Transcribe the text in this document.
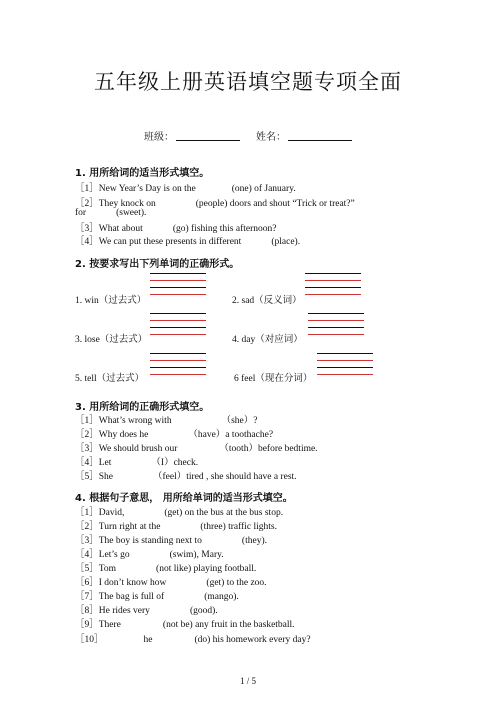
五年级上册英语填空题专项全面
班级：	姓名：
1. 用所给词的适当形式填空。
［1］New Year’s Day is on the	(one) of January.
［2］They knock on	(people) doors and shout “Trick or treat?”
for	(sweet).
［3］What about	(go) fishing this afternoon?
［4］We can put these presents in different	(place).
2. 按要求写出下列单词的正确形式。
1. win（过去式）	2. sad（反义词）
3. lose（过去式）	4. day（对应词）
5. tell（过去式）	6 feel（现在分词）
3. 用所给词的正确形式填空。
［1］What’s wrong with	（she）?
［2］Why does he	（have）a toothache?
［3］We should brush our	（tooth）before bedtime.
［4］Let	（I）check.
［5］She	（feel）tired , she should have a rest.
4. 根据句子意思， 用所给单词的适当形式填空。
［1］David,	(get) on the bus at the bus stop.
［2］Turn right at the	(three) traffic lights.
［3］The boy is standing next to	(they).
［4］Let’s go	(swim), Mary.
［5］Tom	(not like) playing football.
［6］I don’t know how	(get) to the zoo.
［7］The bag is full of	(mango).
［8］He rides very	(good).
［9］There	(not be) any fruit in the basketball.
［10］	he	(do) his homework every day?
1 / 5
